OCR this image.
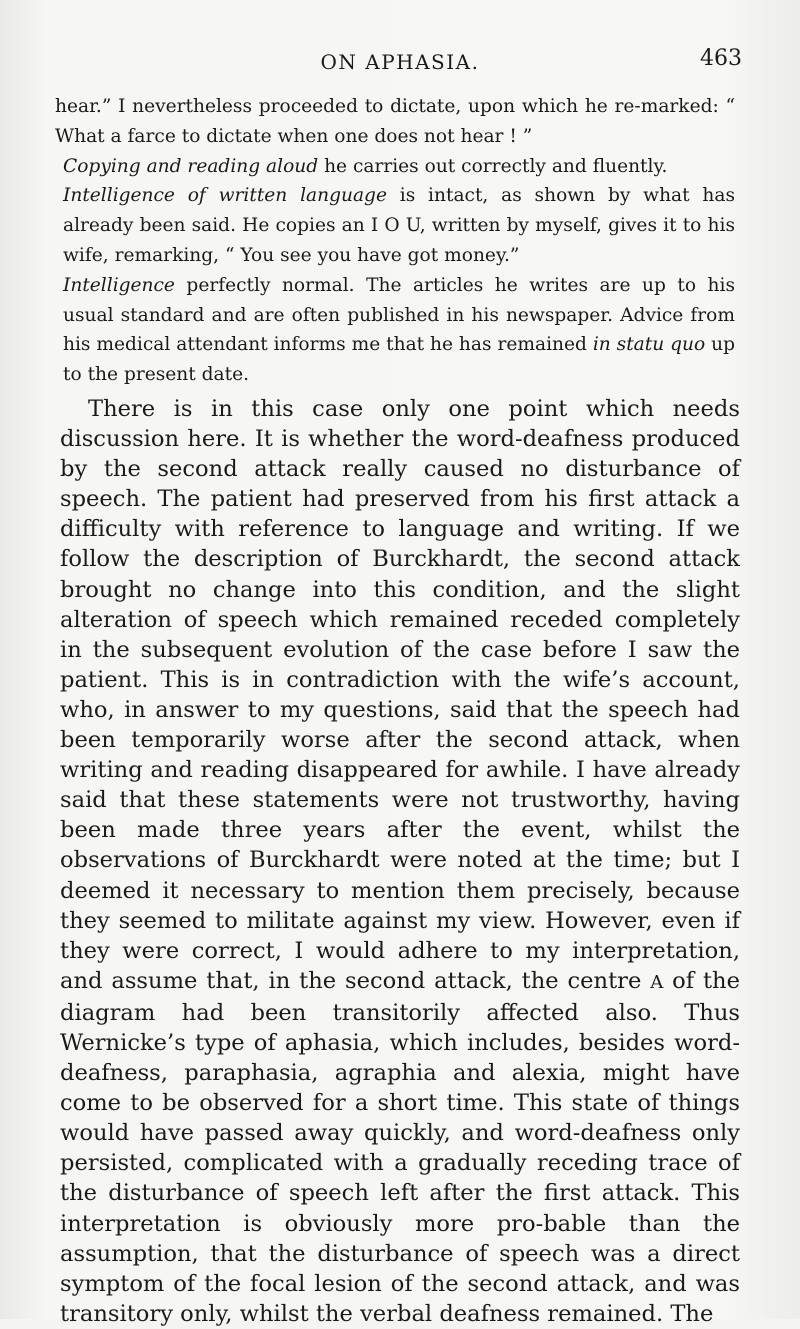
ON APHASIA.	463

hear.” I nevertheless proceeded to dictate, upon which he re-marked: “ What a farce to dictate when one does not hear ! ”

Copying and reading aloud he carries out correctly and fluently.

Intelligence of written language is intact, as shown by what has already been said. He copies an I O U, written by myself, gives it to his wife, remarking, “ You see you have got money.”

Intelligence perfectly normal. The articles he writes are up to his usual standard and are often published in his newspaper. Advice from his medical attendant informs me that he has remained in statu quo up to the present date.

There is in this case only one point which needs discussion here. It is whether the word-deafness produced by the second attack really caused no disturbance of speech. The patient had preserved from his first attack a difficulty with reference to language and writing. If we follow the description of Burckhardt, the second attack brought no change into this condition, and the slight alteration of speech which remained receded completely in the subsequent evolution of the case before I saw the patient. This is in contradiction with the wife’s account, who, in answer to my questions, said that the speech had been temporarily worse after the second attack, when writing and reading disappeared for awhile. I have already said that these statements were not trustworthy, having been made three years after the event, whilst the observations of Burckhardt were noted at the time; but I deemed it necessary to mention them precisely, because they seemed to militate against my view. However, even if they were correct, I would adhere to my interpretation, and assume that, in the second attack, the centre A of the diagram had been transitorily affected also. Thus Wernicke’s type of aphasia, which includes, besides word-deafness, paraphasia, agraphia and alexia, might have come to be observed for a short time. This state of things would have passed away quickly, and word-deafness only persisted, complicated with a gradually receding trace of the disturbance of speech left after the first attack. This interpretation is obviously more pro-bable than the assumption, that the disturbance of speech was a direct symptom of the focal lesion of the second attack, and was transitory only, whilst the verbal deafness remained. The
